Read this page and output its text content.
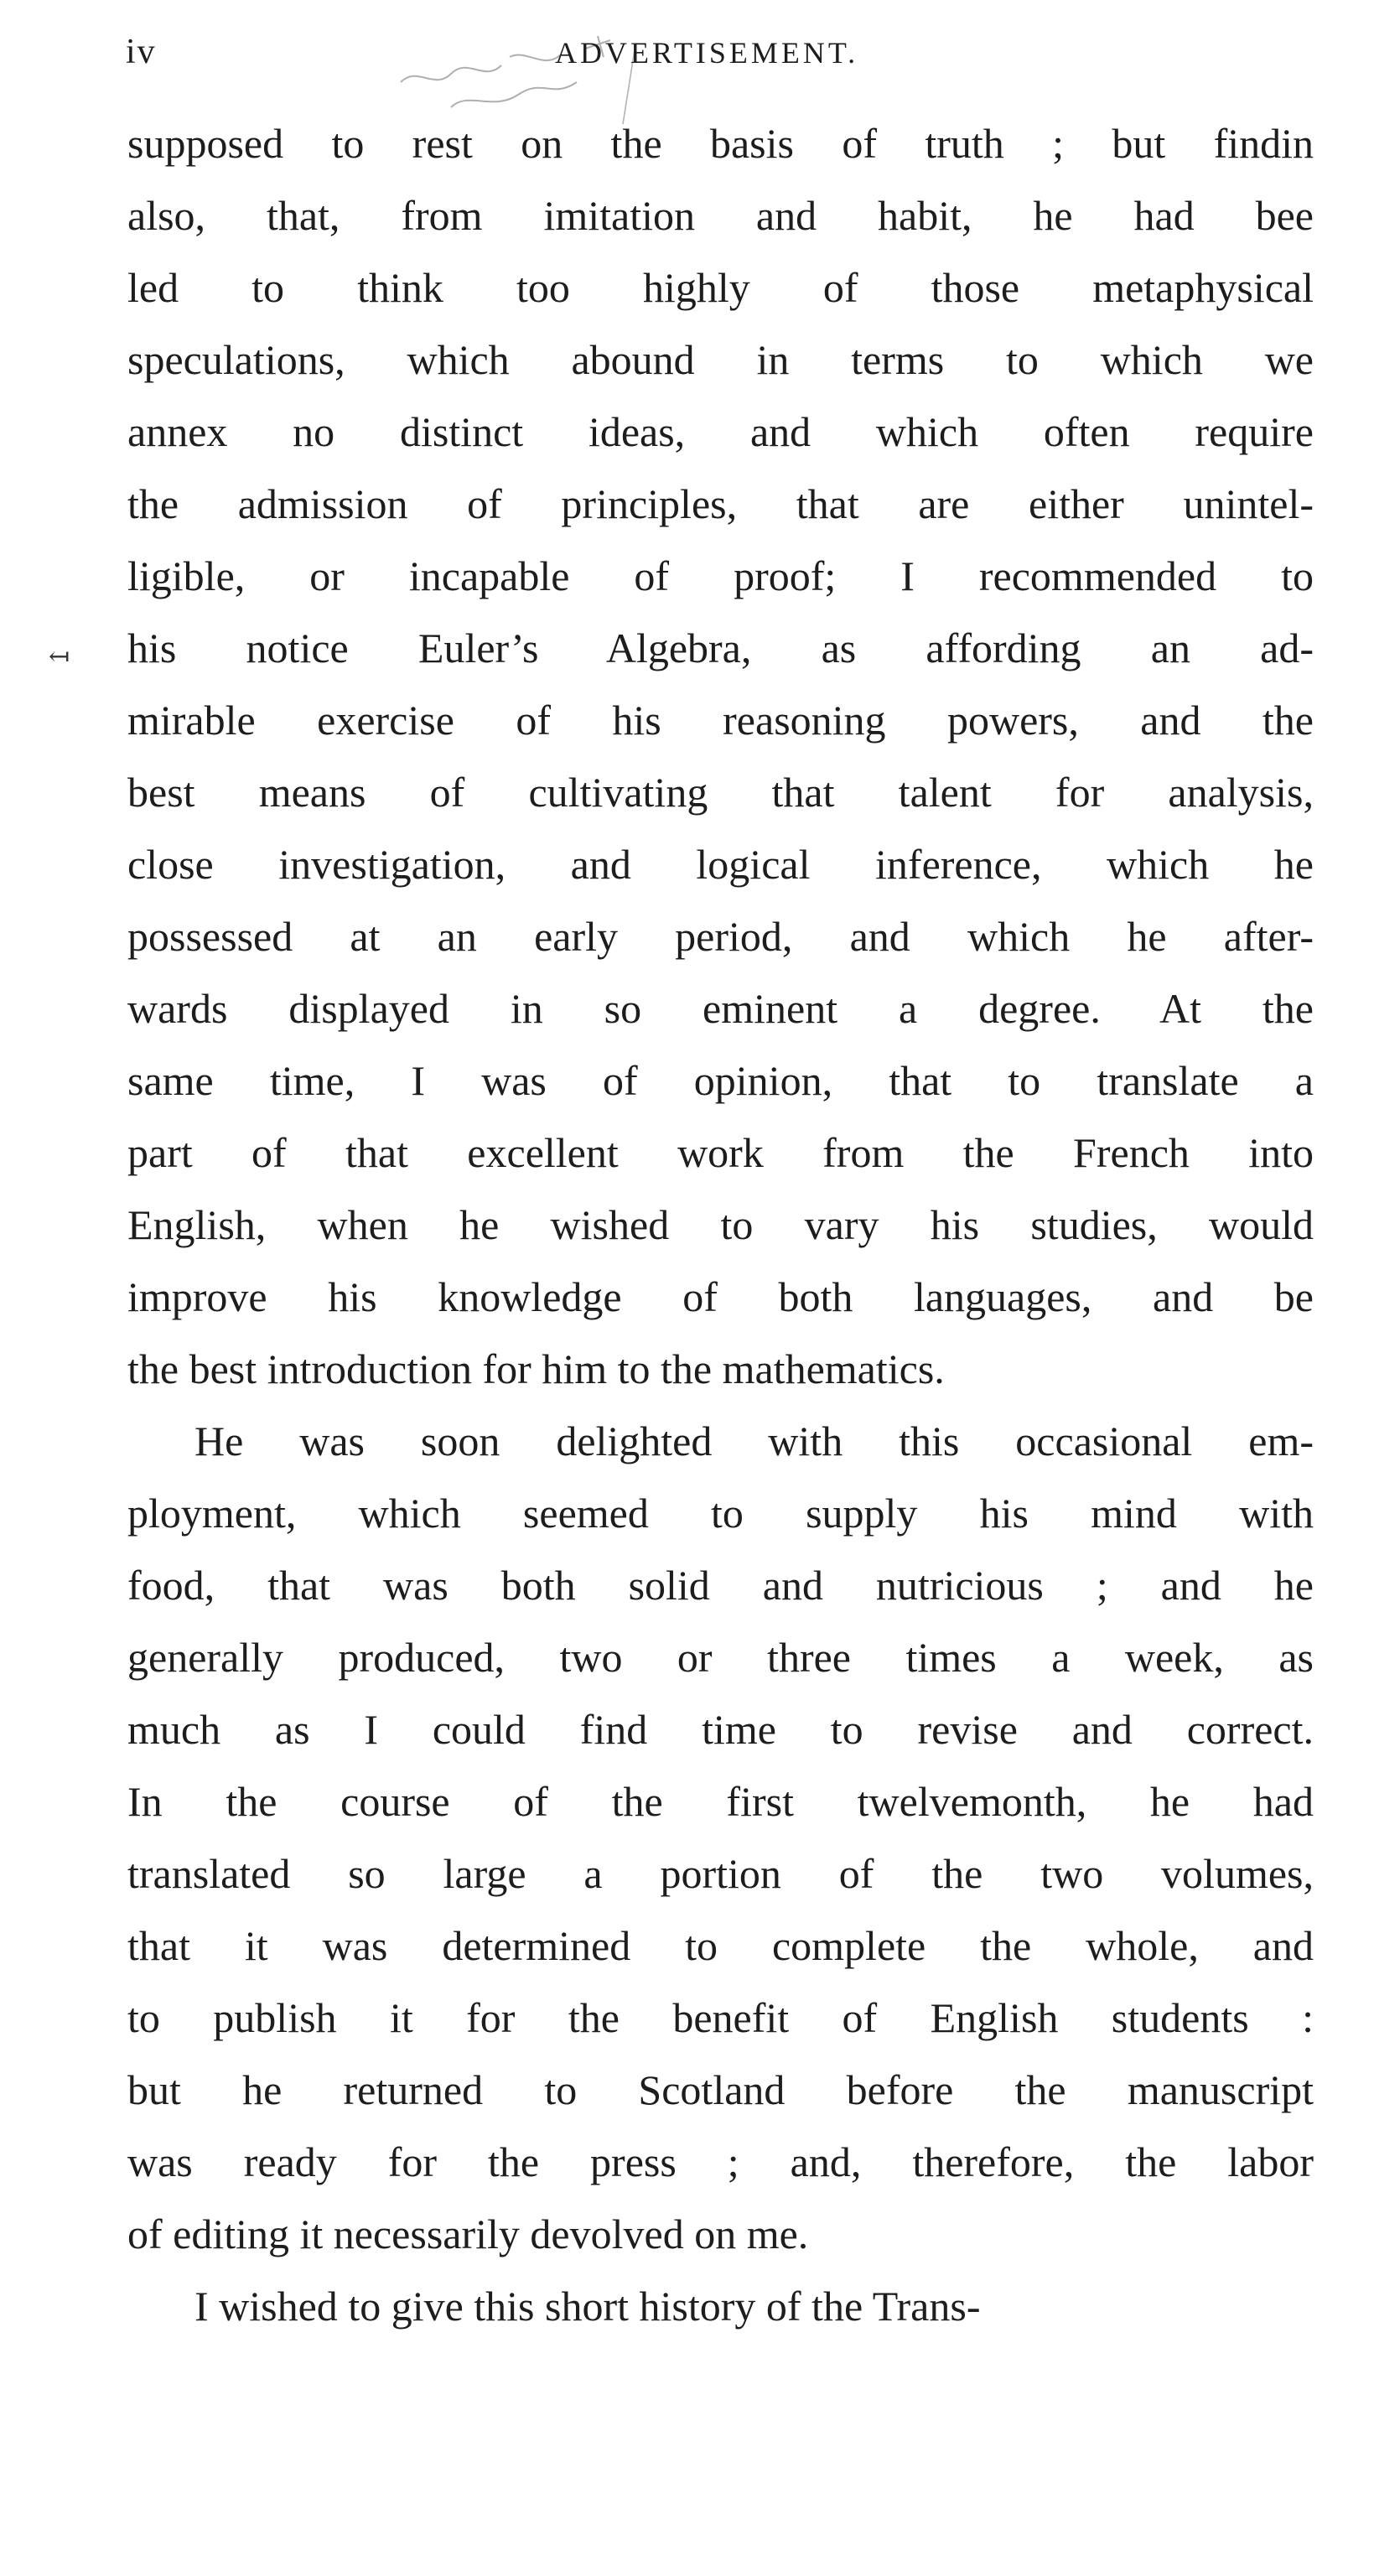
iv	ADVERTISEMENT.
↤
supposed to rest on the basis of truth ; but findin
also, that, from imitation and habit, he had bee
led to think too highly of those metaphysical
speculations, which abound in terms to which we
annex no distinct ideas, and which often require
the admission of principles, that are either unintel-
ligible, or incapable of proof; I recommended to
his notice Euler’s Algebra, as affording an ad-
mirable exercise of his reasoning powers, and the
best means of cultivating that talent for analysis,
close investigation, and logical inference, which he
possessed at an early period, and which he after-
wards displayed in so eminent a degree. At the
same time, I was of opinion, that to translate a
part of that excellent work from the French into
English, when he wished to vary his studies, would
improve his knowledge of both languages, and be
the best introduction for him to the mathematics.
He was soon delighted with this occasional em-
ployment, which seemed to supply his mind with
food, that was both solid and nutricious ; and he
generally produced, two or three times a week, as
much as I could find time to revise and correct.
In the course of the first twelvemonth, he had
translated so large a portion of the two volumes,
that it was determined to complete the whole, and
to publish it for the benefit of English students :
but he returned to Scotland before the manuscript
was ready for the press ; and, therefore, the labor
of editing it necessarily devolved on me.
I wished to give this short history of the Trans-
